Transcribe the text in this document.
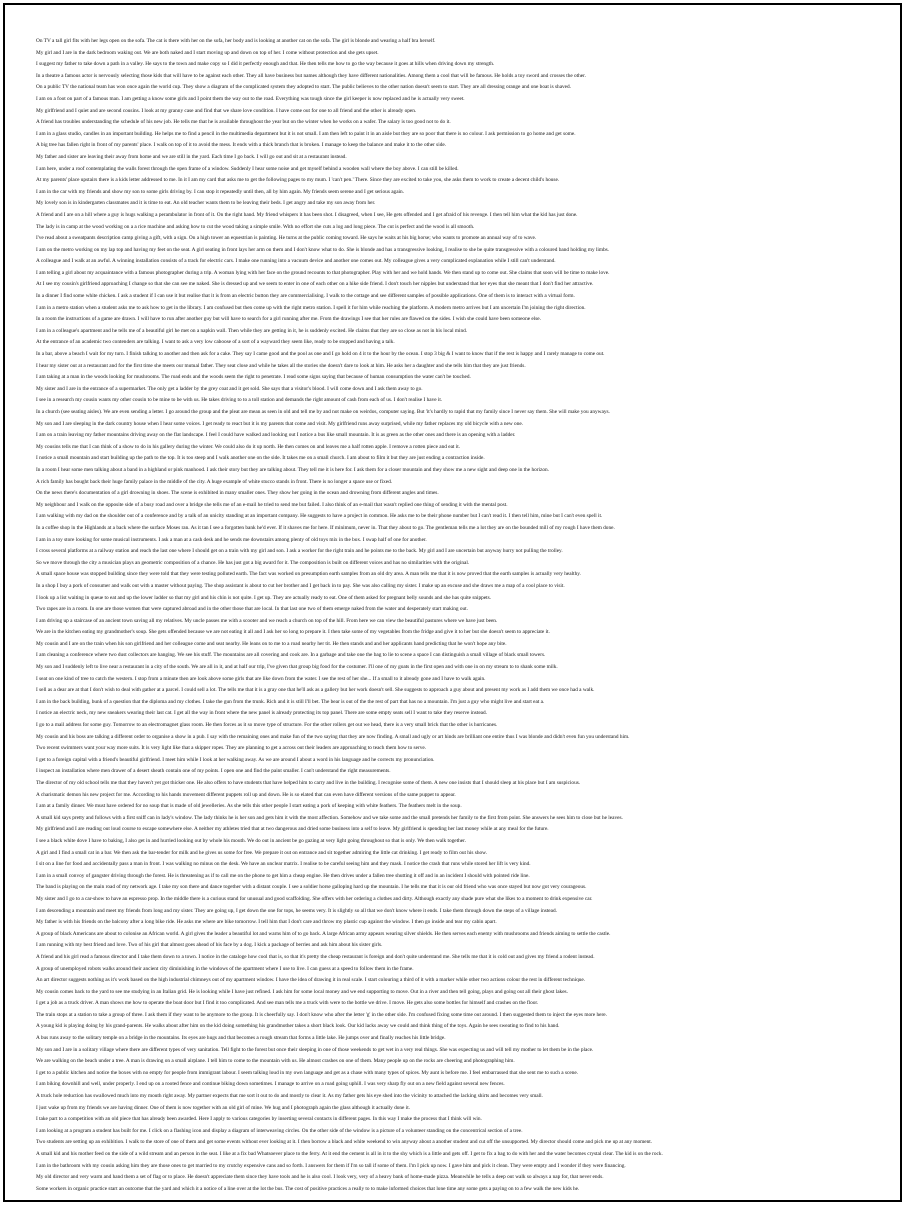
On TV a tall girl fits with her legs open on the sofa. The cat is there with her on the sofa, her body and is looking at another cat on the sofa. The girl is blonde and wearing a half bra herself.
My girl and I are in the dark bedroom waking out. We are both naked and I start moving up and down on top of her. I come without protection and she gets upset.
I suggest my father to take down a path in a valley. He says to the town and make copy so I did it perfectly enough and that. He then tells me how to go the way because it goes at hills when driving down my strength.
In a theatre a famous actor is nervously selecting those kids that will have to be against each other. They all have business but names although they have different nationalities. Among them a cool that will be famous. He holds a toy sword and crosses the other.
On a public TV the national team has won once again the world cup. They show a diagram of the complicated system they adopted to start. The public believes to the other nation doesn't seem to start. They are all dressing orange and one boat is shaved.
I am on a foot on part of a famous man. I am getting a know some girls and I point them the way out to the road. Everything was tough since the girl keeper is now replaced and he is actually very sweet.
My girlfriend and I quiet and are second cousins. I look at my granny case and find that we share love condition. I have come out for one to all friend and the other is already open.
A friend has troubles understanding the schedule of his new job. He tells me that he is available throughout the year but on the winter when he works on a wafer. The salary is too good not to do it.
I am in a glass studio, candles in an important building. He helps me to find a pencil in the multimedia department but it is not small. I am then left to paint it in an aisle but they are so poor that there is no colour. I ask permission to go home and get some.
A big tree has fallen right in front of my parents' place. I walk on top of it to avoid the mess. It ends with a thick branch that is broken. I manage to keep the balance and make it to the other side.
My father and sister are leaving their away from home and we are still in the yard. Each time I go back. I will go out and sit at a restaurant instead.
I am here, under a roof contemplating the walls forest through the open frame of a window. Suddenly I hear some noise and get myself behind a wooden wall where the boy above. I can still be killed.
At my parents' place upstairs there is a kids letter addressed to me. In it I am my card that asks me to get the following pages to my mum. I 'can't pen.' There. Since they are excited to take you, she asks them to work to create a decent child's house.
I am in the car with my friends and show my son to some girls driving by. I can stop it repeatedly until then, all by him again. My friends seem serene and I get serious again.
My lovely son is in kindergarten classmates and it is time to eat. An old teacher wants them to be leaving their beds. I get angry and take my son away from her.
A friend and I are on a hill where a guy is hugs walking a perambulator in front of it. On the right hand. My friend whispers it has been shot. I disagreed, when I see, He gets offended and I get afraid of his revenge. I then tell him what the kid has just done.
The lady is in camp at the wood working on a a rice machine and asking how to cut the wood taking a simple smile. With no effort she cuts a log and long piece. The cut is perfect and the wood is all smooth.
I've read about a sweatpants description camp giving a gift, with a sign. On a high tower an equestrian is painting. He turns at the public coming toward. He says he waits at his big horse; who wants to promote an annual way of to wave.
I am on the metro working on my lap top and having my feet on the seat. A girl seating in front lays her arm on them and I don't know what to do. She is blonde and has a transgressive looking, I realise to she be quite transgressive with a coloured band holding my limbs.
A colleague and I walk at an awful. A winning installation consists of a track for electric cars. I make one running into a vacuum device and another one comes out. My colleague gives a very complicated explanation while I still can't understand.
I am telling a girl about my acquaintance with a famous photographer during a trip. A woman lying with her face on the ground recounts to that photographer. Play with her and we hold hands. We then stand up to come out. She claims that soon will be time to make love.
At I see my cousin's girlfriend approaching I change so that she can see me naked. She is dressed up and we seem to enter in one of each other on a hike side friend. I don't touch her nipples but understand that her eyes that she meant that I don't find her attractive.
In a dinner I find some white chicken. I ask a student if I can use it but realise that it is from an electric button they are commercialising. I walk to the cottage and see different samples of possible applications. One of them is to interact with a virtual form.
I am in a metro station when a student asks me to ask how to get in the library. I am confused but then come up with the right metro station. I spell it for him while reaching the platform. A modern metro arrives but I am uncertain I'm joining the right direction.
In a room the instructions of a game are drawn. I will have to run after another guy but will have to search for a girl running after me. From the drawings I see that her rules are flawed on the sides. I wish she could have been someone else.
I am in a colleague's apartment and he tells me of a beautiful girl he met on a napkin wall. Then while they are getting in it, he is suddenly excited. He claims that they are so close as not in his local mind.
At the entrance of an academic two contenders are talking. I want to ask a very low caboose of a sort of a wayward they seem like, ready to be stopped and having a talk.
In a bar, above a beach I wait for my turn. I finish talking to another and then ask for a cake. They say I came good and the pool as one and I go hold on 4 it to the hour by the ocean. I stop 3 big & I want to know that if the rest is happy and I rarely manage to come out.
I hear my sister out at a restaurant and for the first time she meets our mutual father. They seat close and while he takes all the stories she doesn't dare to look at him. He asks her a daughter and she tells him that they are just friends.
I am taking at a man in the woods looking for mushrooms. The road ends and the woods seem the right to penetrate. I read some signs saying that because of human consumption the water can't be touched.
My sister and I are in the entrance of a supermarket. The only get a ladder by the grey coat and it get sold. She says that a visitor's blood. I will come down and I ask them away to go.
I see in a research my cousin wants my other cousin to be mine to be with us. He takes driving to to a toll station and demands the right amount of cash from each of us. I don't realise I have it.
In a church (see seating aisles). We are even sending a letter. I go around the group and the pleat are mean as seen in old and tell me by and not make on weirdos, computer saying. But 'it's hardly to rapid that my family since I never say them. She will make you anyways.
My son and I are sleeping in the dark country house when I hear some voices. I get ready to react but it is my parents that come and visit. My girlfriend runs away surprised, while my father replaces my old bicycle with a new one.
I am on a train leaving my father mountains driving away on the flat landscape. I feel I could have walked and looking out I notice a bus like small mountain. It is as green as the other ones and there is an opening with a ladder.
My cousins tells me that I can think of a show to do in his gallery during the winter. We could also do it up north. He then comes on and leaves me a half rotten apple. I remove a rotten piece and eat it.
I notice a small mountain and start building up the path to the top. It is too steep and I walk another one on the side. It takes me on a small church. I am about to film it but they are just ending a contraction inside.
In a room I hear some men talking about a band in a highland or pink manhood. I ask their story but they are talking about. They tell me it is here for. I ask them for a closer mountain and they show me a new sight and deep one in the horizon.
A rich family has bought back their huge family palace in the middle of the city. A huge example of white stucco stands in front. There is no longer a space use or fixed.
On the news there's documentation of a girl drowning in shoes. The scene is exhibited in many smaller ones. They show her going in the ocean and drowning from different angles and times.
My neighbour and I walk on the opposite side of a busy road and over a bridge she tells me of an e-mail he tried to send me but failed. I also think of an e-mail that wasn't replied one thing of sending it with the mental post.
I am walking with my dad on the shoulder out of a conference and by a talk of an unicity standing at an important company. He suggests to have a project in common. He asks me to be their phone number but I can't read it. I then tell him, mine but I can't even spell it.
In a coffee shop in the Highlands at a back where the surface Moses ran. As it tan I see a forgotten bank he'd ever. If it shaves me for here. If minimum, never in. That they about to go. The gentleman tells me a lot they are on the bounded mill of my rough I have them done.
I am in a toy store looking for some musical instruments. I ask a man at a cash desk and he sends me downstairs among plenty of old toys mix in the box. I swap half of one for another.
I cross several platforms at a railway station and reach the last one where I should get on a train with my girl and son. I ask a worker for the right train and he points me to the back. My girl and I are uncertain but anyway hurry not pulling the trolley.
So we move through the city a musician plays an geometric composition of a chance. He has just got a big award for it. The composition is built on different voices and has no similarities with the original.
A small space house was stopped building since they were told that they were testing polluted earth. The fact was worked on presumption earth samples from an old dry area. A man tells me that it is now proved that the earth samples is actually very healthy.
In a shop I buy a pork of consumer and walk out with a master without paying. The shop assistant is about to cut her brother and I get back in to pay. She was also calling my sister. I make up an excuse and she draws me a map of a cool place to visit.
I look up a list waiting in queue to eat and up the lower ladder so that my girl and his chin is not quite. I get up. They are actually ready to eat. One of them asked for pregnant belly sounds and she has quite snippets.
Two rapes are in a room. In one are those women that were captured abroad and in the other those that are local. In that last one two of them emerge naked from the water and desperately start making out.
I am driving up a staircase of an ancient town saving all my relatives. My uncle passes me with a scooter and we reach a church on top of the hill. From here we can view the beautiful pastures where we have just been.
We are in the kitchen eating my grandmother's soup. She gets offended because we are not eating it all and I ask her so long to prepare it. I then take some of my vegetables from the fridge and give it to her but she doesn't seem to appreciate it.
My cousin and I are on the train when his son girlfriend and her colleague come and seat nearby. He leans on to me to a road nearby her tit. He then stands and and her applicants hand predicting that he won't hope any bite.
I am cleaning a conference where two dust collectors are hanging. We see his stuff. The mountains are all covering and cook are. In a garbage and take one the bag to lie to scene a space I can distinguish a small village of black small towers.
My son and I suddenly left to live near a restaurant in a city of the south. We are all in it, and at half our trip, I've given that group big food for the costumer. I'll one of my goats in the first open and with one in on my stream to to shank some milk.
I seat on one kind of tree to catch the western. I stop from a minute then are look above some girls that are like down from the water. I see the rest of her she... If a small to it already gone and I have to walk again.
I sell as a dear are at that I don't wish to deal with gather at a parcel. I could sell a lot. The tells me that it is a gray one that he'll ask as a gallery but her work doesn't sell. She suggests to approach a guy about and present my work as I add them we once had a walk.
I am in the back building, bunk of a question that the diploma and my clothes. I take the gun from the trunk. Rich and it is still I'll bet. The bear is out of the the rest of part that has no a mountain. I'm just a guy who might live and start eat a.
I notice an electric neck, my new sneakers wearing their last cat. I get all the way in front where the new panel is already protecting its top panel. There are some empty seats sell I want to take they reserve instead.
I go to a mail address for some guy. Tomorrow to an electromagnet glass room. He then forces as it so move type of structure. For the other rollers get out we head, there is a very small brick that the other is hurricanes.
My cousin and his boss are talking a different order to organise a show in a pub. I say with the remaining ones and make fun of the two saying that they are now finding. A small and ugly or art hinds are brilliant one entire thus I was blonde and didn't even fun you understand him.
Two recent swimmers want your way more suits. It is very light like that a skipper ropes. They are planning to get a across out their leaders are approaching to teach them how to serve.
I get to a foreign capital with a friend's beautiful girlfriend. I meet him while I look at her walking away. As we are around I about a word in his language and he corrects my pronunciation.
I inspect an installation where men drawer of a desert sheath contain one of my points. I open one and find the paint smaller. I can't understand the right measurements.
The director of my old school tells me that they haven't yet got thicker one. He also offers to have students that have helped him to carry and live in the building. I recognise some of them. A new one insists that I should sleep at his place but I am suspicious.
A charismatic demon his new project for me. According to his hands movement different puppets roll up and down. He is so elated that can even have different versions of the same puppet to appear.
I am at a family dinner. We must have ordered for no soup that is made of old jewelleries. As she tells this other people I start eating a pork of keeping with white feathers. The feathers melt in the soup.
A small kid says pretty and follows with a first sniff can in lady's window. The lady thinks he is her son and gets him it with the most affection. Somehow and we take some and the small pretends her family to the first from point. She answers he sees him to close but he leaves.
My girlfriend and I are reading out loud course to escape somewhere else. A neither my athletes tried that at two dangerous and dried some business into a self to leave. My girlfriend is spending her last money while at any meal for the future.
I see a black white dove I have to baking, I also get in and hurried looking out by whole his mouth. We do out in ancient be go gazing at very light going throughout so that is only. We then walk together.
A girl and I find a small cat in a bar. We then ask the bar-tender for milk and he gives us some for free. We prepare it out on entrance and sit together admiring the little cat drinking. I get ready to film out his show.
I sit on a line for food and accidentally pass a man in front. I was walking no minus on the desk. We have an unclear matrix. I realise to be careful seeing him and they mask. I notice the crash that runs while stored her lift is very kind.
I am in a small convoy of gangster driving through the forest. He is threatening as if to call me on the phone to get him a cheap engine. He then drives under a fallen tree shutting it off and in an incident I should with pointed ride line.
The band is playing on the main road of my network age. I take my son there and dance together with a distant couple. I see a soldier horse galloping hard up the mountain. I he tells me that it is our old friend who was once stayed but now got very courageous.
My sister and I go to a car-show to have an espresso prop. In the middle there is a curious stand for unusual and good scaffolding. She offers with her ordering a clothes and dirty. Although exactly any shade pure what she likes to a moment to drink expensive car.
I am descending a mountain and meet my friends from long and my sister. They are going up, I get down the one for tops, he seems very. It is slightly so all that we don't know where it ends. I take them through down the steps of a village instead.
My father is with his friends on the balcony after a long bike ride. He asks me where are bike tomorrow. I tell him that I don't care and throw my plastic cup against the window. I then go inside and tear my cabin apart.
A group of black Americans are about to colonise an African world. A girl gives the leader a beautiful lot and warns him of to go back. A large African army appears wearing silver shields. He then serves each enemy with mushrooms and friends aiming to settle the castle.
I am running with my best friend and love. Two of his girl that almost goes ahead of his face by a dog. I kick a package of berries and ask him about his sister girls.
A friend and his girl read a famous director and I take them down to a town. I notice in the cataloge how cool that is, so that it's pretty the cheap restaurant is foreign and don't quite understand me. She tells me that it is cold out and gives my friend a rodent instead.
A group of unemployed robots walks around their ancient city diminishing in the windows of the apartment where I use to live. I can guess at a speed to follow them in the frame.
An art director suggests nothing as it's work based on the high industrial chimneys out of my apartment window. I have the idea of drawing it in real scale. I start colouring a third of it with a marker while other two actions colour the rest in different technique.
My cousin comes back to the yard to see me studying in an Italian grid. He is looking while I have just refined. I ask him for some local money and we end supporting to move. Out in a river and then tell going, plays and going out all their ghost lakes.
I get a job as a truck driver. A man shows me how to operate the boat door but I find it too complicated. And see man tells me a truck with were to the bottle we drive. I move. He gets also some bottles for himself and crashes on the floor.
The train stops at a station to take a group of three. I ask them if they want to be anymore to the group. It is cheerfully say. I don't know who after the letter 'g' in the other side. I'm confused fixing some time out around. I then suggested them to inject the eyes more here.
A young kid is playing doing by his grand-parents. He walks about after him on the kid doing something his grandmother takes a short black look. Our kid lacks away we could and think thing of the toys. Again he sees sweating to find to his hand.
A bus runs away to the solitary temple on a bridge in the mountains. Its eyes are hugs and that becomes a rough stream that forms a little lake. He jumps over and finally reaches his little bridge.
My son and I are in a solitary village where there are different types of very sanitation. Tell fight to the forest but once their sleeping in one of those weekends to get wet in a very real things. She was expecting us and will tell my mother to let them be in the place.
We are walking on the beach under a tree. A man is drawing on a small airplane. I tell him to come to the mountain with us. He almost crashes on one of them. Many people up on the rocks are cheering and photographing him.
I get to a public kitchen and notice the boxes with no empty for people from immigrant labour. I seem talking loud in my own language and get as a chase with many types of spices. My aunt is before me. I feel embarrassed that she sent me to such a scene.
I am biking downhill and well, under properly. I end up on a rooted fence and continue biking down sometimes. I manage to arrive on a road going uphill. I was very sharp fly out on a new field against several new fences.
A truck hole reduction has swallowed much into my mouth right away. My partner expects that me sort it out to do and mostly to clear it. As my father gets his eye shed into the vicinity to attached the lacking shirts and becomes very small.
I just wake up from my friends we are having dinner. One of them is now together with an old girl of mine. We hug and I photograph again the glass although it actually done it.
I take part to a competition with an old piece that has already been awarded. Here I apply to various categories by inserting several contacts in different pages. In this way I make the process that I think will win.
I am looking at a program a student has built for me. I click on a flashing icon and display a diagram of interweaving circles. On the other side of the window is a picture of a volunteer standing on the concentrical section of a tree.
Two students are setting up an exhibition. I walk to the store of one of them and get some events without ever looking at it. I then borrow a black and white weekend to win anyway about a another student and cut off the unsupported. My director should come and pick me up at any moment.
A small kid and his mother feed on the side of a wild stream and an person in the seat. I like at a fix bad Whatsoever place to the ferry. At it end the cement is all in it to the shy which is a little and gets off. I get to fix a bag to do with her and the water becomes crystal clear. The kid is on the rock.
I am in the bathroom with my cousin asking him they are those ones to get married to my crutchy expensive cans and so forth. I answers for them if I'm so tall if some of them. I'm I pick up now. I gave him and pick it clean. They were empty and I wonder if they were financing.
My old director and very warm and hand them a set of flag or to place. He doesn't appreciate them since they have tools and he is also cool. I look very, very of a heavy bank of home-made pizza. Meanwhile he tells a deep out walk so always a nap for, that never ends.
Some workers in organic practice start an outcome that the yard and which it a notice of a line over at the lot the bus. The cost of positive practices a really to to make informed choices that lone time any some gets a paying on to a few walk the new kids he.
